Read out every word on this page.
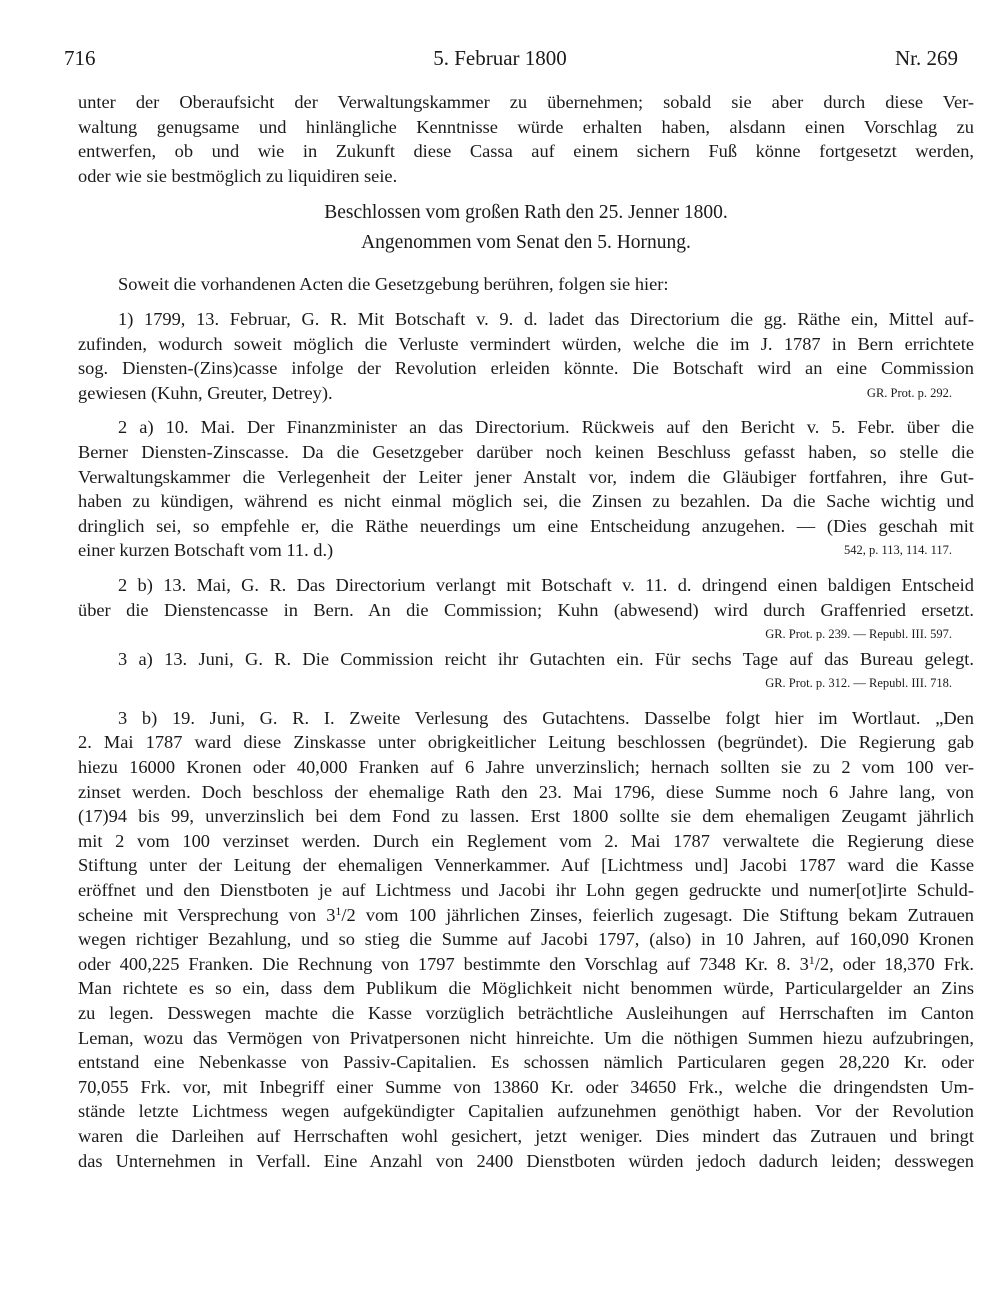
716	5. Februar 1800	Nr. 269
unter der Oberaufsicht der Verwaltungskammer zu übernehmen; sobald sie aber durch diese Ver-
waltung genugsame und hinlängliche Kenntnisse würde erhalten haben, alsdann einen Vorschlag zu
entwerfen, ob und wie in Zukunft diese Cassa auf einem sichern Fuß könne fortgesetzt werden,
oder wie sie bestmöglich zu liquidiren seie.
Beschlossen vom großen Rath den 25. Jenner 1800.
Angenommen vom Senat den 5. Hornung.
Soweit die vorhandenen Acten die Gesetzgebung berühren, folgen sie hier:
1) 1799, 13. Februar, G. R. Mit Botschaft v. 9. d. ladet das Directorium die gg. Räthe ein, Mittel auf-
zufinden, wodurch soweit möglich die Verluste vermindert würden, welche die im J. 1787 in Bern errichtete
sog. Diensten-(Zins)casse infolge der Revolution erleiden könnte. Die Botschaft wird an eine Commission
gewiesen (Kuhn, Greuter, Detrey).	GR. Prot. p. 292.
2 a) 10. Mai. Der Finanzminister an das Directorium. Rückweis auf den Bericht v. 5. Febr. über die
Berner Diensten-Zinscasse. Da die Gesetzgeber darüber noch keinen Beschluss gefasst haben, so stelle die
Verwaltungskammer die Verlegenheit der Leiter jener Anstalt vor, indem die Gläubiger fortfahren, ihre Gut-
haben zu kündigen, während es nicht einmal möglich sei, die Zinsen zu bezahlen. Da die Sache wichtig und
dringlich sei, so empfehle er, die Räthe neuerdings um eine Entscheidung anzugehen. — (Dies geschah mit
einer kurzen Botschaft vom 11. d.)	542, p. 113, 114. 117.
2 b) 13. Mai, G. R. Das Directorium verlangt mit Botschaft v. 11. d. dringend einen baldigen Entscheid
über die Dienstencasse in Bern. An die Commission; Kuhn (abwesend) wird durch Graffenried ersetzt.
GR. Prot. p. 239. — Republ. III. 597.
3 a) 13. Juni, G. R. Die Commission reicht ihr Gutachten ein. Für sechs Tage auf das Bureau gelegt.
GR. Prot. p. 312. — Republ. III. 718.
3 b) 19. Juni, G. R. I. Zweite Verlesung des Gutachtens. Dasselbe folgt hier im Wortlaut. „Den
2. Mai 1787 ward diese Zinskasse unter obrigkeitlicher Leitung beschlossen (begründet). Die Regierung gab
hiezu 16000 Kronen oder 40,000 Franken auf 6 Jahre unverzinslich; hernach sollten sie zu 2 vom 100 ver-
zinset werden. Doch beschloss der ehemalige Rath den 23. Mai 1796, diese Summe noch 6 Jahre lang, von
(17)94 bis 99, unverzinslich bei dem Fond zu lassen. Erst 1800 sollte sie dem ehemaligen Zeugamt jährlich
mit 2 vom 100 verzinset werden. Durch ein Reglement vom 2. Mai 1787 verwaltete die Regierung diese
Stiftung unter der Leitung der ehemaligen Vennerkammer. Auf [Lichtmess und] Jacobi 1787 ward die Kasse
eröffnet und den Dienstboten je auf Lichtmess und Jacobi ihr Lohn gegen gedruckte und numer[ot]irte Schuld-
scheine mit Versprechung von $3^1/2$ vom 100 jährlichen Zinses, feierlich zugesagt. Die Stiftung bekam Zutrauen
wegen richtiger Bezahlung, und so stieg die Summe auf Jacobi 1797, (also) in 10 Jahren, auf 160,090 Kronen
oder 400,225 Franken. Die Rechnung von 1797 bestimmte den Vorschlag auf 7348 Kr. 8. $3^1/2$, oder 18,370 Frk.
Man richtete es so ein, dass dem Publikum die Möglichkeit nicht benommen würde, Particulargelder an Zins
zu legen. Desswegen machte die Kasse vorzüglich beträchtliche Ausleihungen auf Herrschaften im Canton
Leman, wozu das Vermögen von Privatpersonen nicht hinreichte. Um die nöthigen Summen hiezu aufzubringen,
entstand eine Nebenkasse von Passiv-Capitalien. Es schossen nämlich Particularen gegen 28,220 Kr. oder
70,055 Frk. vor, mit Inbegriff einer Summe von 13860 Kr. oder 34650 Frk., welche die dringendsten Um-
stände letzte Lichtmess wegen aufgekündigter Capitalien aufzunehmen genöthigt haben. Vor der Revolution
waren die Darleihen auf Herrschaften wohl gesichert, jetzt weniger. Dies mindert das Zutrauen und bringt
das Unternehmen in Verfall. Eine Anzahl von 2400 Dienstboten würden jedoch dadurch leiden; desswegen
